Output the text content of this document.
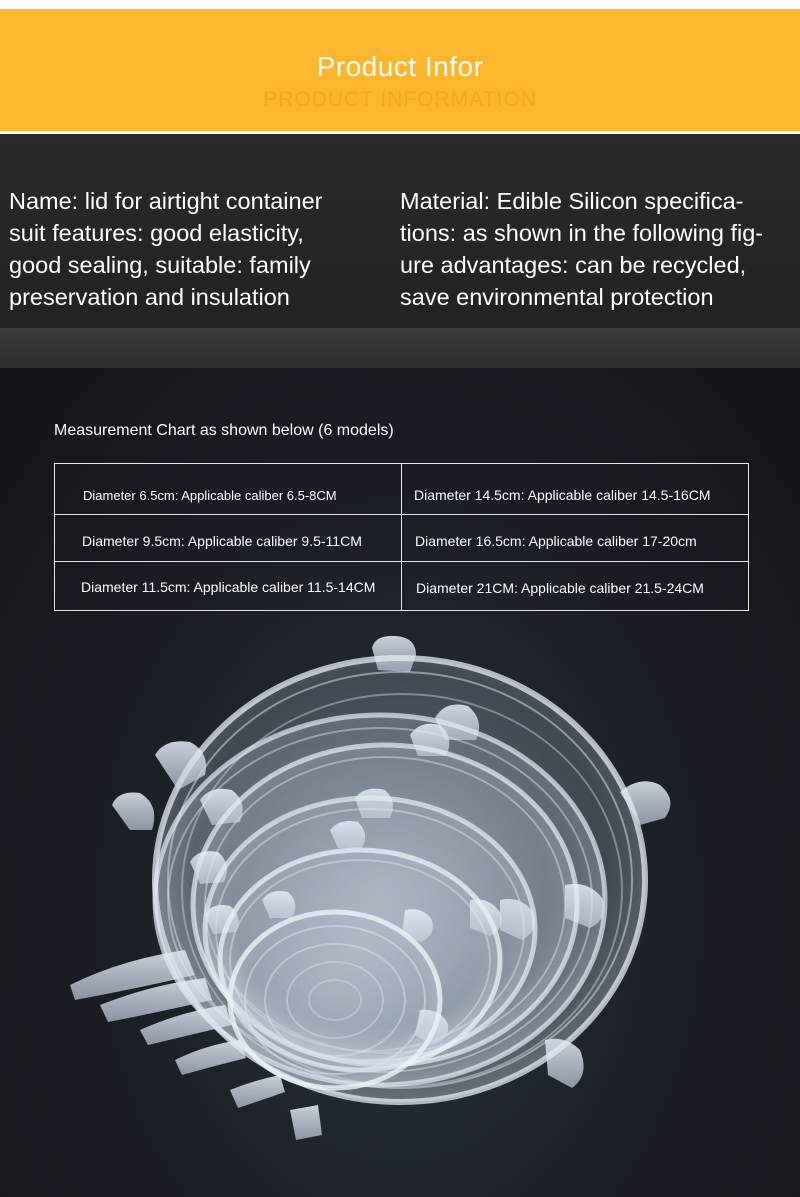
Product Infor
PRODUCT INFORMATION
Name: lid for airtight container
suit features: good elasticity,
good sealing, suitable: family
preservation and insulation
Material: Edible Silicon specifica-
tions: as shown in the following fig-
ure advantages: can be recycled,
save environmental protection
Measurement Chart as shown below (6 models)
Diameter 6.5cm: Applicable caliber 6.5-8CM	Diameter 14.5cm: Applicable caliber 14.5-16CM
Diameter 9.5cm: Applicable caliber 9.5-11CM	Diameter 16.5cm: Applicable caliber 17-20cm
Diameter 11.5cm: Applicable caliber 11.5-14CM	Diameter 21CM: Applicable caliber 21.5-24CM
